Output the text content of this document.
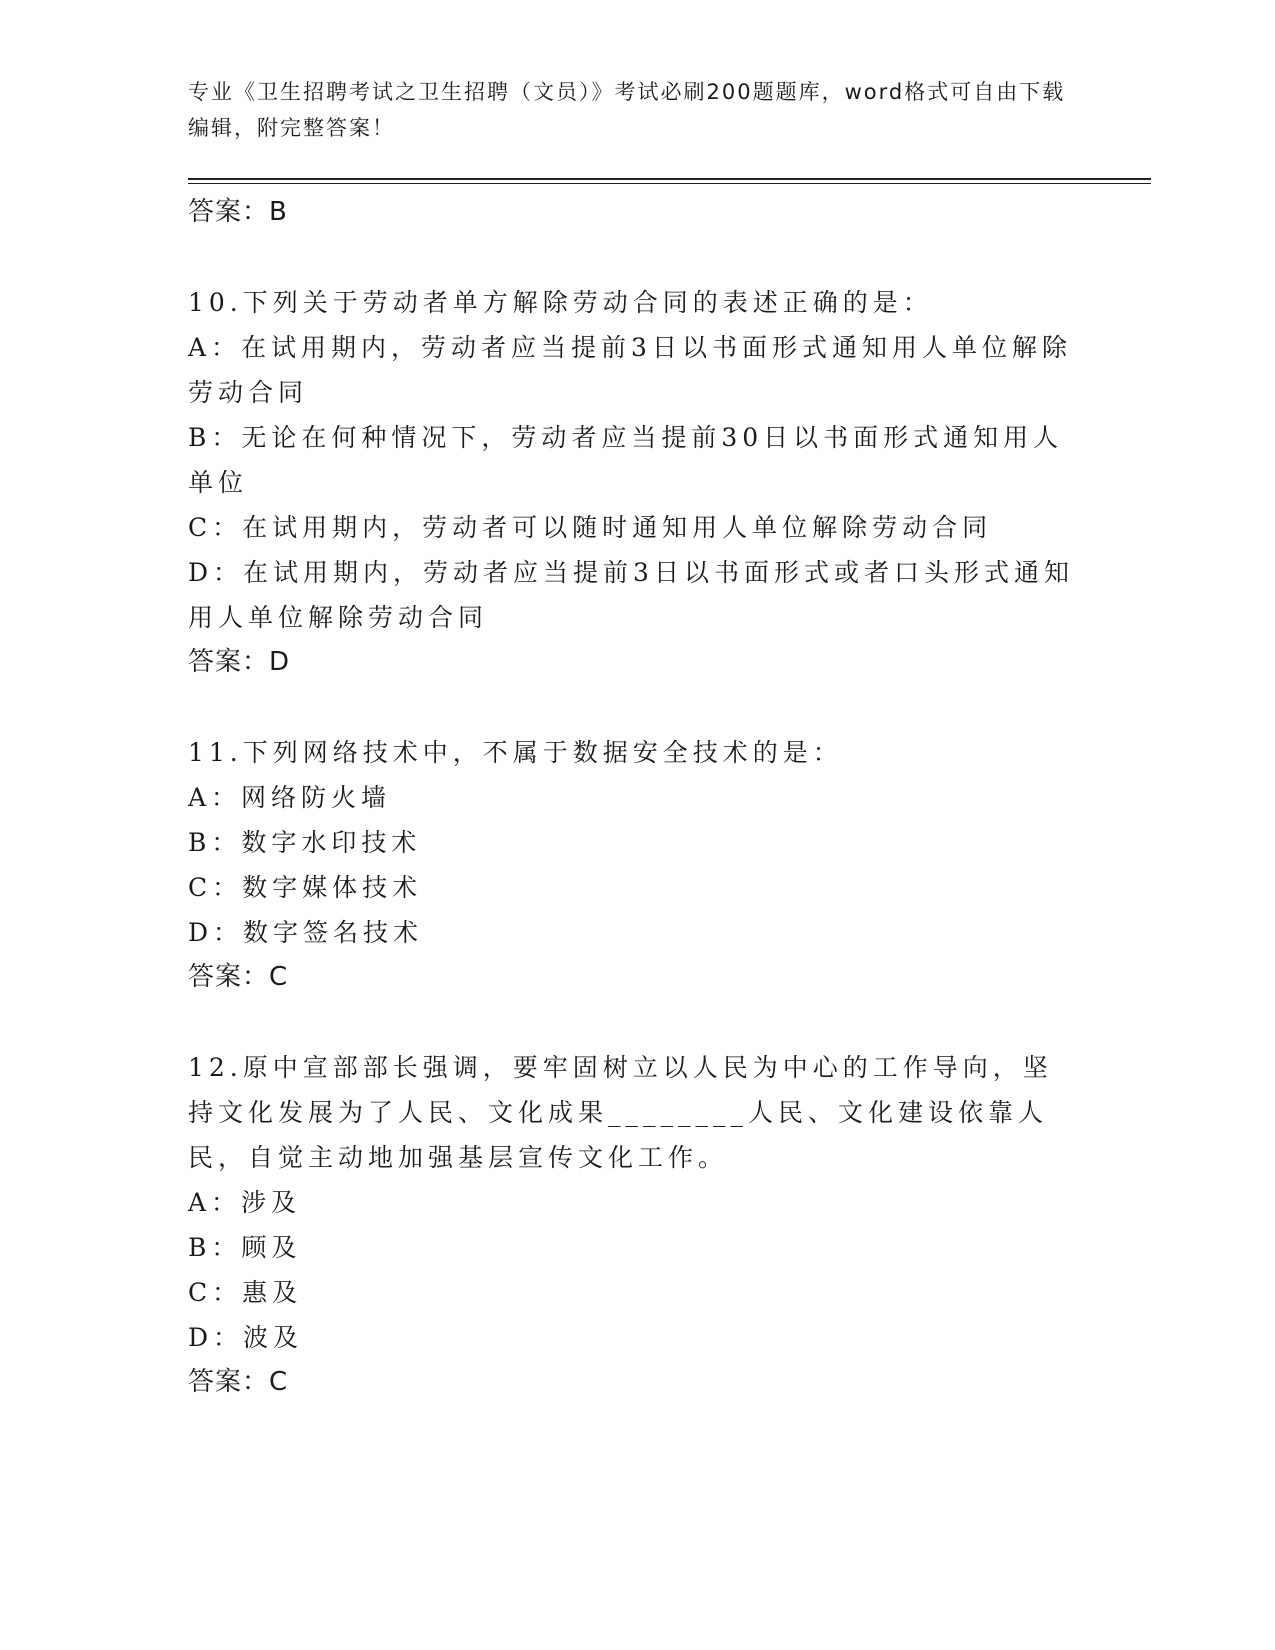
专业《卫生招聘考试之卫生招聘（文员）》考试必刷200题题库，word格式可自由下载编辑，附完整答案！

答案：B

10.下列关于劳动者单方解除劳动合同的表述正确的是：

A：在试用期内，劳动者应当提前3日以书面形式通知用人单位解除劳动合同

B：无论在何种情况下，劳动者应当提前30日以书面形式通知用人单位

C：在试用期内，劳动者可以随时通知用人单位解除劳动合同

D：在试用期内，劳动者应当提前3日以书面形式或者口头形式通知用人单位解除劳动合同

答案：D

11.下列网络技术中，不属于数据安全技术的是：

A：网络防火墙

B：数字水印技术

C：数字媒体技术

D：数字签名技术

答案：C

12.原中宣部部长强调，要牢固树立以人民为中心的工作导向，坚持文化发展为了人民、文化成果________人民、文化建设依靠人民，自觉主动地加强基层宣传文化工作。

A：涉及

B：顾及

C：惠及

D：波及

答案：C
